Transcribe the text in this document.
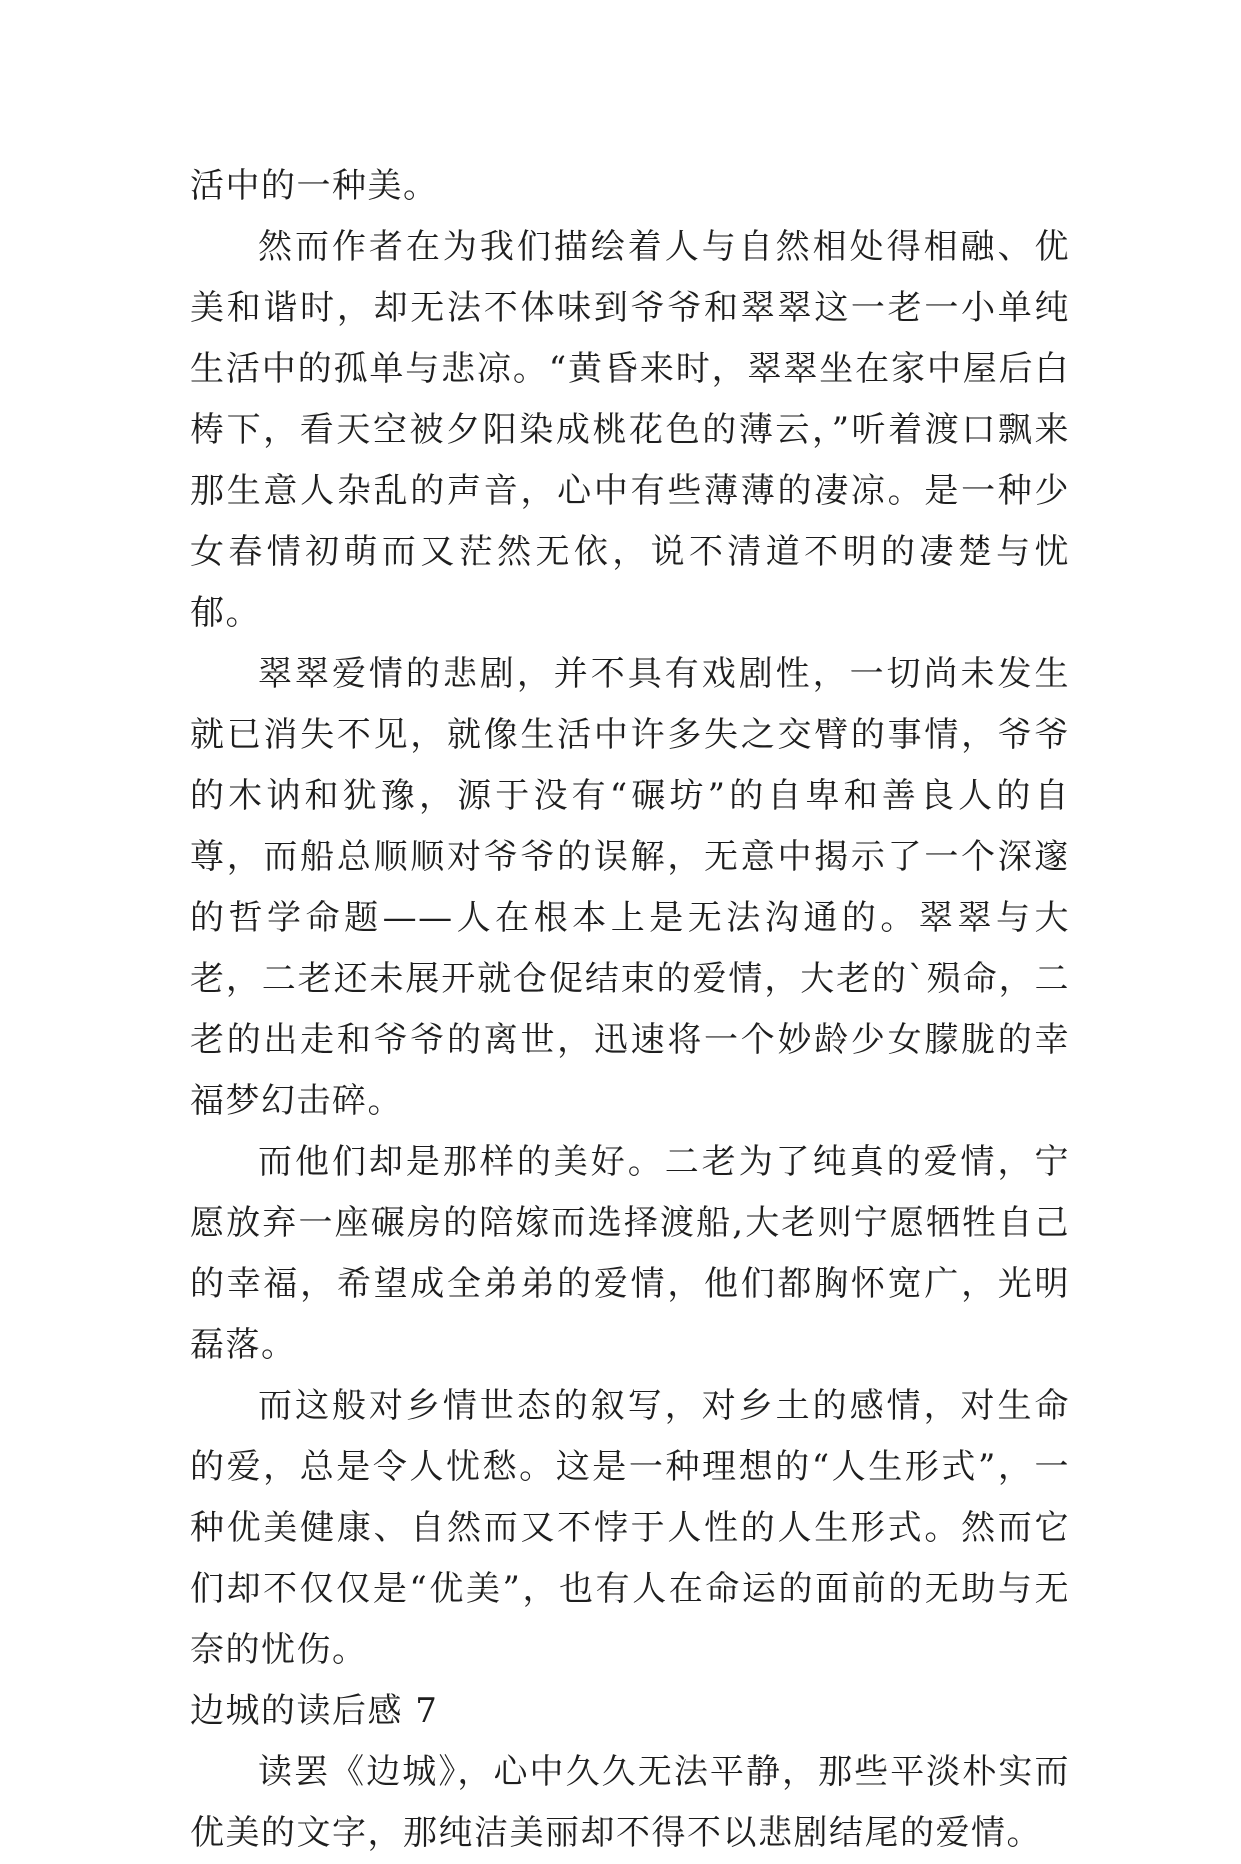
活中的一种美。

然而作者在为我们描绘着人与自然相处得相融、优美和谐时，却无法不体味到爷爷和翠翠这一老一小单纯生活中的孤单与悲凉。“黄昏来时，翠翠坐在家中屋后白梼下，看天空被夕阳染成桃花色的薄云，”听着渡口飘来那生意人杂乱的声音，心中有些薄薄的凄凉。是一种少女春情初萌而又茫然无依，说不清道不明的凄楚与忧郁。

翠翠爱情的悲剧，并不具有戏剧性，一切尚未发生就已消失不见，就像生活中许多失之交臂的事情，爷爷的木讷和犹豫，源于没有“碾坊”的自卑和善良人的自尊，而船总顺顺对爷爷的误解，无意中揭示了一个深邃的哲学命题——人在根本上是无法沟通的。翠翠与大老，二老还未展开就仓促结束的爱情，大老的`殒命，二老的出走和爷爷的离世，迅速将一个妙龄少女朦胧的幸福梦幻击碎。

而他们却是那样的美好。二老为了纯真的爱情，宁愿放弃一座碾房的陪嫁而选择渡船,大老则宁愿牺牲自己的幸福，希望成全弟弟的爱情，他们都胸怀宽广，光明磊落。

而这般对乡情世态的叙写，对乡土的感情，对生命的爱，总是令人忧愁。这是一种理想的“人生形式”，一种优美健康、自然而又不悖于人性的人生形式。然而它们却不仅仅是“优美”，也有人在命运的面前的无助与无奈的忧伤。

边城的读后感 7

读罢《边城》，心中久久无法平静，那些平淡朴实而优美的文字，那纯洁美丽却不得不以悲剧结尾的爱情。
